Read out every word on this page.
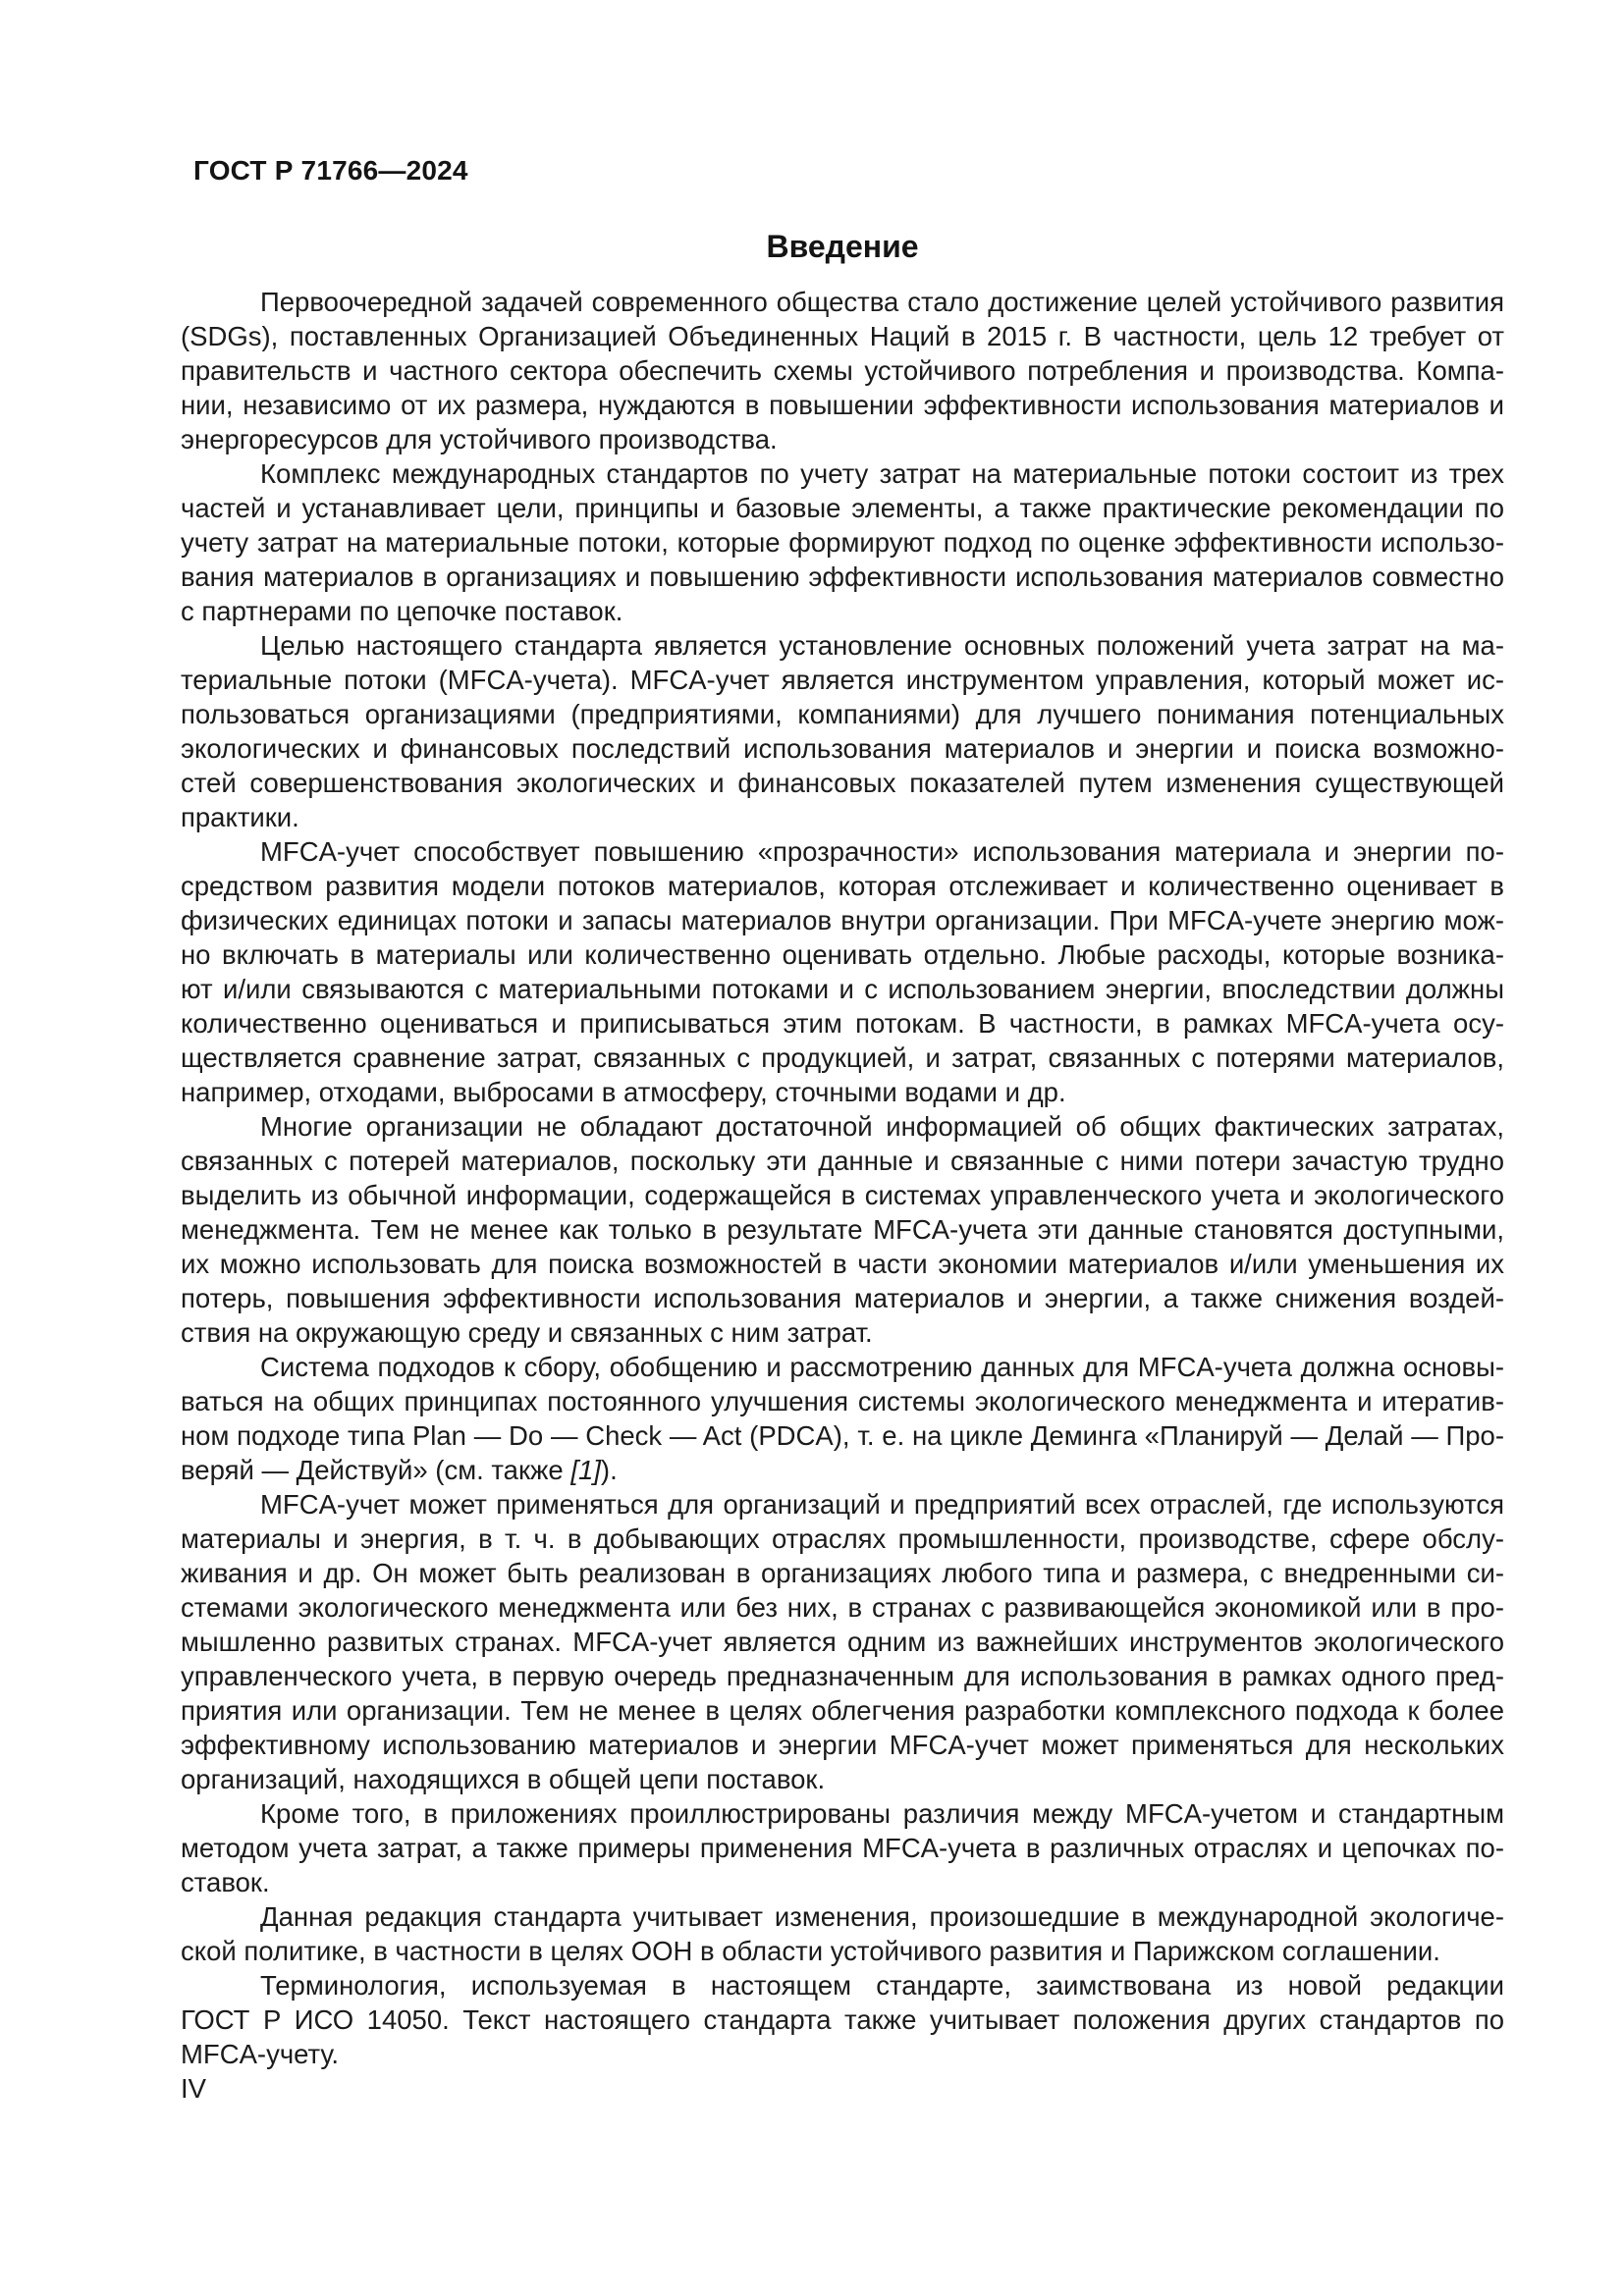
ГОСТ Р 71766—2024
Введение

Первоочередной задачей современного общества стало достижение целей устойчивого развития
(SDGs), поставленных Организацией Объединенных Наций в 2015 г. В частности, цель 12 требует от
правительств и частного сектора обеспечить схемы устойчивого потребления и производства. Компа-
нии, независимо от их размера, нуждаются в повышении эффективности использования материалов и
энергоресурсов для устойчивого производства.

Комплекс международных стандартов по учету затрат на материальные потоки состоит из трех
частей и устанавливает цели, принципы и базовые элементы, а также практические рекомендации по
учету затрат на материальные потоки, которые формируют подход по оценке эффективности использо-
вания материалов в организациях и повышению эффективности использования материалов совместно
с партнерами по цепочке поставок.

Целью настоящего стандарта является установление основных положений учета затрат на ма-
териальные потоки (MFCA-учета). MFCA-учет является инструментом управления, который может ис-
пользоваться организациями (предприятиями, компаниями) для лучшего понимания потенциальных
экологических и финансовых последствий использования материалов и энергии и поиска возможно-
стей совершенствования экологических и финансовых показателей путем изменения существующей
практики.

MFCA-учет способствует повышению «прозрачности» использования материала и энергии по-
средством развития модели потоков материалов, которая отслеживает и количественно оценивает в
физических единицах потоки и запасы материалов внутри организации. При MFCA-учете энергию мож-
но включать в материалы или количественно оценивать отдельно. Любые расходы, которые возника-
ют и/или связываются с материальными потоками и с использованием энергии, впоследствии должны
количественно оцениваться и приписываться этим потокам. В частности, в рамках MFCA-учета осу-
ществляется сравнение затрат, связанных с продукцией, и затрат, связанных с потерями материалов,
например, отходами, выбросами в атмосферу, сточными водами и др.

Многие организации не обладают достаточной информацией об общих фактических затратах,
связанных с потерей материалов, поскольку эти данные и связанные с ними потери зачастую трудно
выделить из обычной информации, содержащейся в системах управленческого учета и экологического
менеджмента. Тем не менее как только в результате MFCA-учета эти данные становятся доступными,
их можно использовать для поиска возможностей в части экономии материалов и/или уменьшения их
потерь, повышения эффективности использования материалов и энергии, а также снижения воздей-
ствия на окружающую среду и связанных с ним затрат.

Система подходов к сбору, обобщению и рассмотрению данных для MFCA-учета должна основы-
ваться на общих принципах постоянного улучшения системы экологического менеджмента и итератив-
ном подходе типа Plan — Do — Check — Act (PDCA), т. е. на цикле Деминга «Планируй — Делай — Про-
веряй — Действуй» (см. также [1]).

MFCA-учет может применяться для организаций и предприятий всех отраслей, где используются
материалы и энергия, в т. ч. в добывающих отраслях промышленности, производстве, сфере обслу-
живания и др. Он может быть реализован в организациях любого типа и размера, с внедренными си-
стемами экологического менеджмента или без них, в странах с развивающейся экономикой или в про-
мышленно развитых странах. MFCA-учет является одним из важнейших инструментов экологического
управленческого учета, в первую очередь предназначенным для использования в рамках одного пред-
приятия или организации. Тем не менее в целях облегчения разработки комплексного подхода к более
эффективному использованию материалов и энергии MFCA-учет может применяться для нескольких
организаций, находящихся в общей цепи поставок.

Кроме того, в приложениях проиллюстрированы различия между MFCA-учетом и стандартным
методом учета затрат, а также примеры применения MFCA-учета в различных отраслях и цепочках по-
ставок.

Данная редакция стандарта учитывает изменения, произошедшие в международной экологиче-
ской политике, в частности в целях ООН в области устойчивого развития и Парижском соглашении.

Терминология, используемая в настоящем стандарте, заимствована из новой редакции
ГОСТ Р ИСО 14050. Текст настоящего стандарта также учитывает положения других стандартов по
MFCA-учету.

IV
